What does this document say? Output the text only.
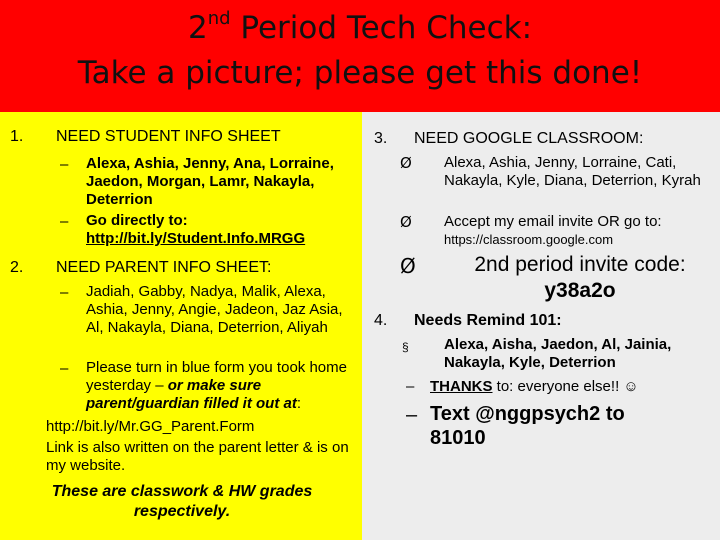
2nd Period Tech Check:
Take a picture; please get this done!
1. NEED STUDENT INFO SHEET
– Alexa, Ashia, Jenny, Ana, Lorraine, Jaedon, Morgan, Lamr, Nakayla, Deterrion
– Go directly to:
http://bit.ly/Student.Info.MRGG
2. NEED PARENT INFO SHEET:
– Jadiah, Gabby, Nadya, Malik, Alexa, Ashia, Jenny, Angie, Jadeon, Jaz Asia, Al, Nakayla, Diana, Deterrion, Aliyah
– Please turn in blue form you took home yesterday – or make sure parent/guardian filled it out at:
http://bit.ly/Mr.GG_Parent.Form
Link is also written on the parent letter & is on my website.
These are classwork & HW grades respectively.
3. NEED GOOGLE CLASSROOM:
Ø Alexa, Ashia, Jenny, Lorraine, Cati, Nakayla, Kyle, Diana, Deterrion, Kyrah
Ø Accept my email invite OR go to:
https://classroom.google.com
Ø	2nd period invite code:
y38a2o
4. Needs Remind 101:
§ Alexa, Aisha, Jaedon, Al, Jainia, Nakayla, Kyle, Deterrion
– THANKS to: everyone else!! ☺
– Text @nggpsych2 to 81010
